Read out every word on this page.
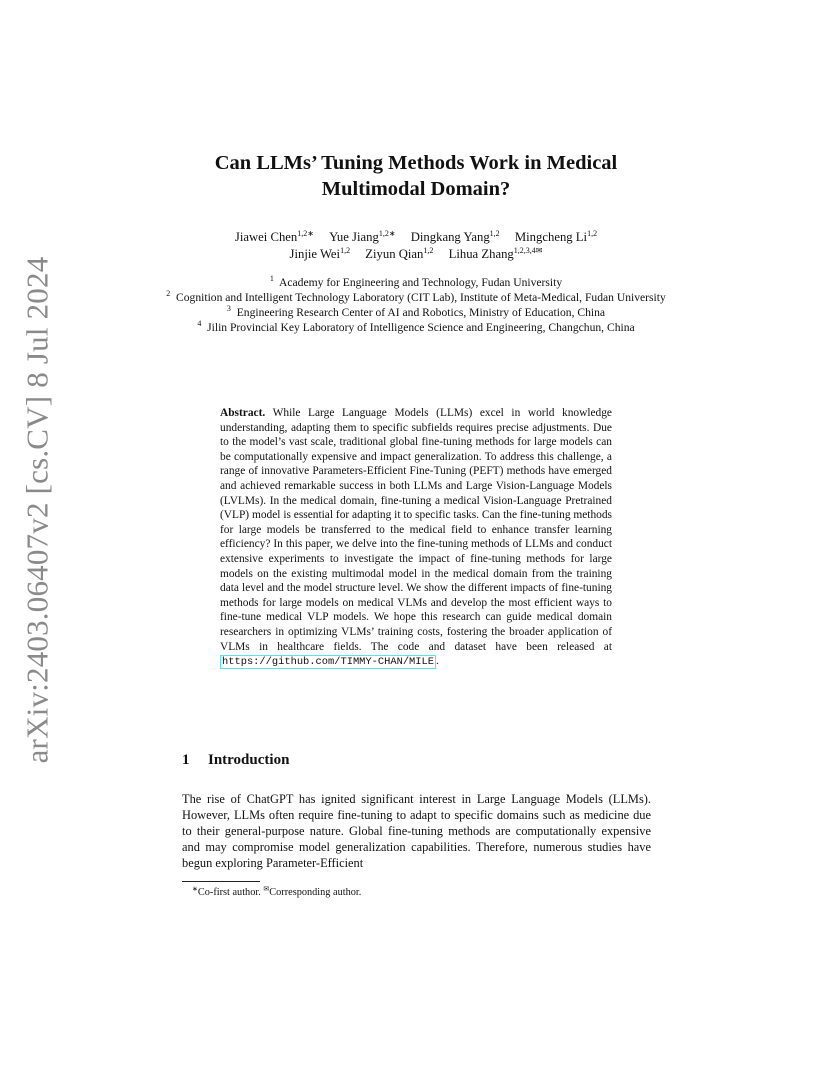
arXiv:2403.06407v2 [cs.CV] 8 Jul 2024
Can LLMs’ Tuning Methods Work in Medical
Multimodal Domain?
Jiawei Chen$^{1,2∗}$ Yue Jiang$^{1,2∗}$ Dingkang Yang$^{1,2}$ Mingcheng Li$^{1,2}$
Jinjie Wei$^{1,2}$ Ziyun Qian$^{1,2}$ Lihua Zhang$^{1,2,3,4✉}$

$^1$ Academy for Engineering and Technology, Fudan University

$^2$ Cognition and Intelligent Technology Laboratory (CIT Lab), Institute of Meta-Medical, Fudan University

$^3$ Engineering Research Center of AI and Robotics, Ministry of Education, China

$^4$ Jilin Provincial Key Laboratory of Intelligence Science and Engineering, Changchun, China

Abstract. While Large Language Models (LLMs) excel in world knowledge understanding, adapting them to specific subfields requires precise adjustments. Due to the model’s vast scale, traditional global fine-tuning methods for large models can be computationally expensive and impact generalization. To address this challenge, a range of innovative Parameters-Efficient Fine-Tuning (PEFT) methods have emerged and achieved remarkable success in both LLMs and Large Vision-Language Models (LVLMs). In the medical domain, fine-tuning a medical Vision-Language Pretrained (VLP) model is essential for adapting it to specific tasks. Can the fine-tuning methods for large models be transferred to the medical field to enhance transfer learning efficiency? In this paper, we delve into the fine-tuning methods of LLMs and conduct extensive experiments to investigate the impact of fine-tuning methods for large models on the existing multimodal model in the medical domain from the training data level and the model structure level. We show the different impacts of fine-tuning methods for large models on medical VLMs and develop the most efficient ways to fine-tune medical VLP models. We hope this research can guide medical domain researchers in optimizing VLMs’ training costs, fostering the broader application of VLMs in healthcare fields. The code and dataset have been released at https://github.com/TIMMY-CHAN/MILE .
1 Introduction
The rise of ChatGPT has ignited significant interest in Large Language Models (LLMs). However, LLMs often require fine-tuning to adapt to specific domains such as medicine due to their general-purpose nature. Global fine-tuning methods are computationally expensive and may compromise model generalization capabilities. Therefore, numerous studies have begun exploring Parameter-Efficient
∗Co-first author. ✉Corresponding author.
